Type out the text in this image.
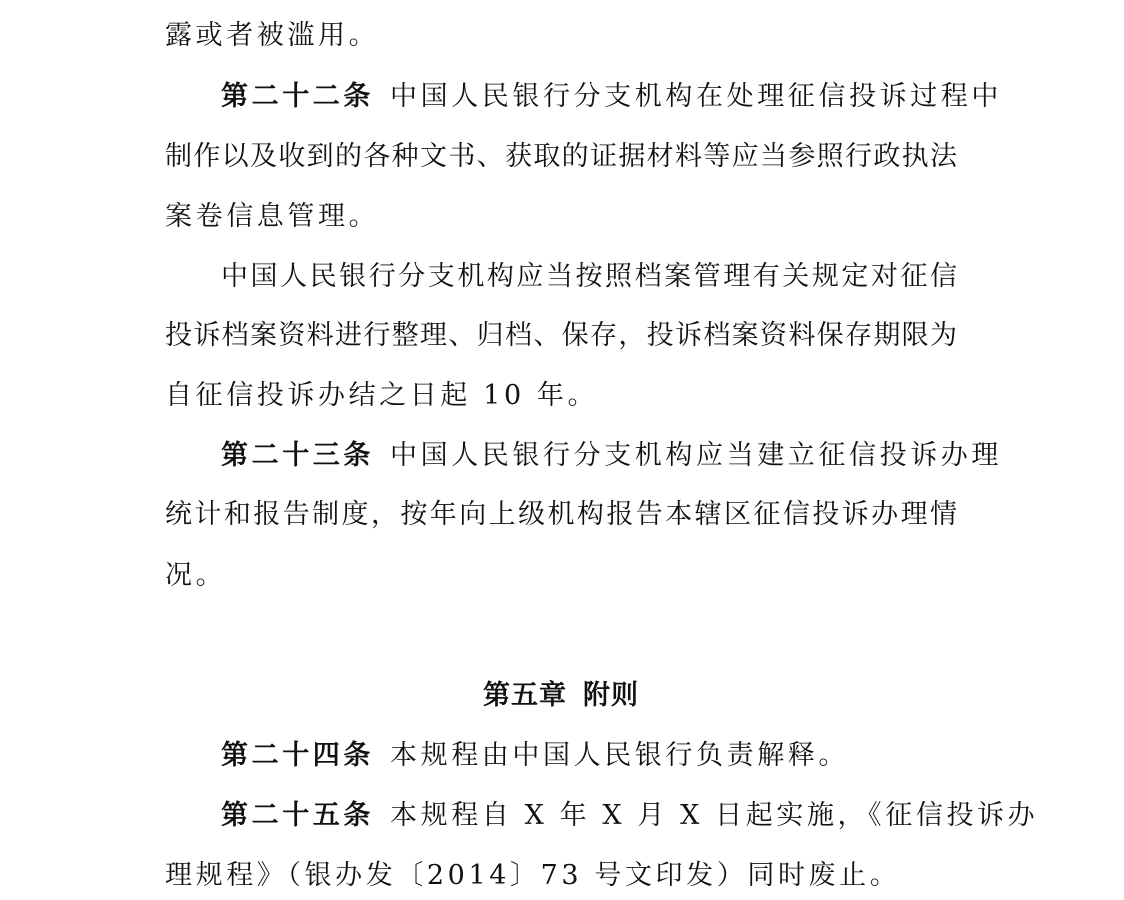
露或者被滥用。
第二十二条 中国人民银行分支机构在处理征信投诉过程中
制作以及收到的各种文书、获取的证据材料等应当参照行政执法
案卷信息管理。
中国人民银行分支机构应当按照档案管理有关规定对征信
投诉档案资料进行整理、归档、保存，投诉档案资料保存期限为
自征信投诉办结之日起 10 年。
第二十三条 中国人民银行分支机构应当建立征信投诉办理
统计和报告制度，按年向上级机构报告本辖区征信投诉办理情
况。
第五章 附则
第二十四条 本规程由中国人民银行负责解释。
第二十五条 本规程自 X 年 X 月 X 日起实施，《征信投诉办
理规程》（银办发〔2014〕73 号文印发）同时废止。
